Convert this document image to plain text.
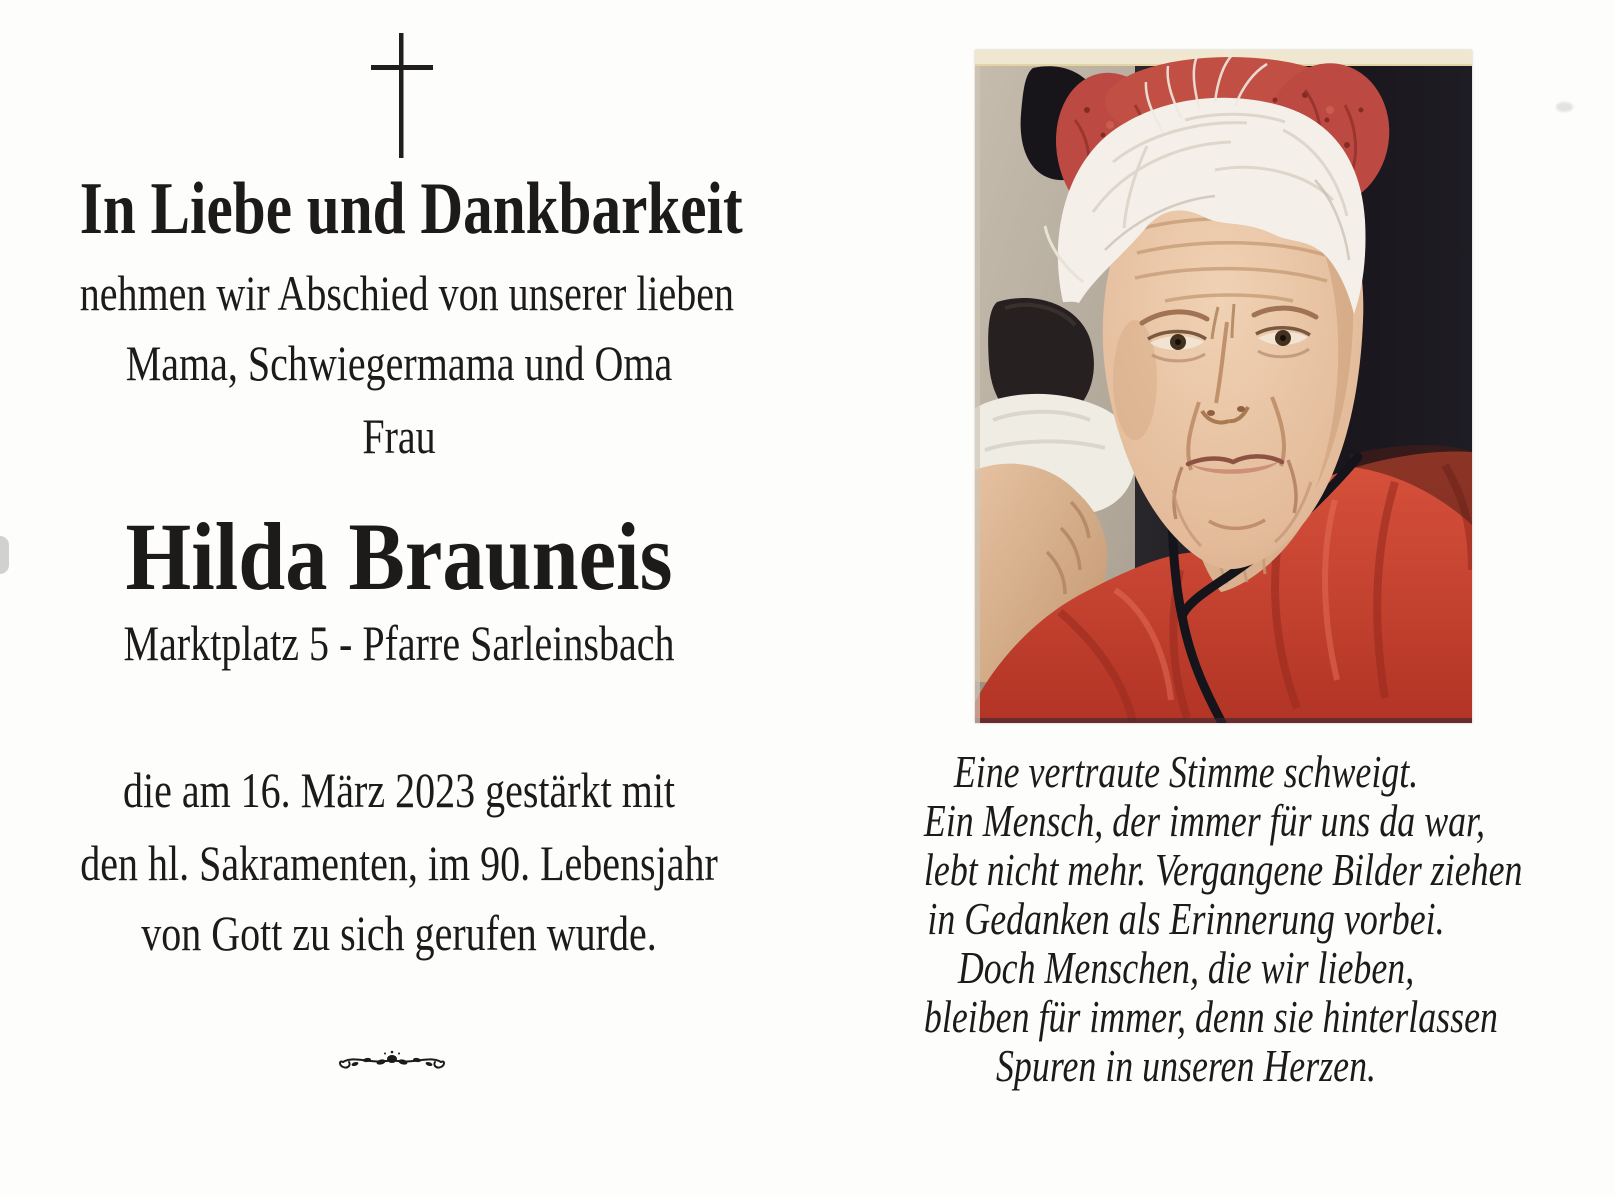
In Liebe und Dankbarkeit
nehmen wir Abschied von unserer lieben
Mama, Schwiegermama und Oma
Frau
Hilda Brauneis
Marktplatz 5 - Pfarre Sarleinsbach
die am 16. März 2023 gestärkt mit
den hl. Sakramenten, im 90. Lebensjahr
von Gott zu sich gerufen wurde.
Eine vertraute Stimme schweigt.
Ein Mensch, der immer für uns da war,
lebt nicht mehr. Vergangene Bilder ziehen
in Gedanken als Erinnerung vorbei.
Doch Menschen, die wir lieben,
bleiben für immer, denn sie hinterlassen
Spuren in unseren Herzen.
